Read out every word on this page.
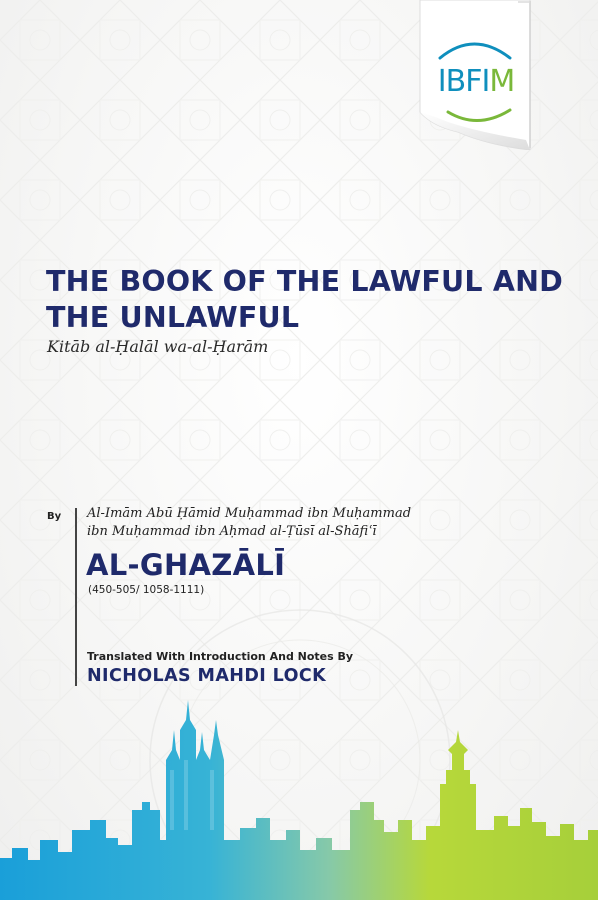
IBFIM
THE BOOK OF THE LAWFUL AND THE UNLAWFUL
Kitāb al-Ḥalāl wa-al-Ḥarām
By Al-Imām Abū Ḥāmid Muḥammad ibn Muḥammad
ibn Muḥammad ibn Aḥmad al-Ṭūsī al-Shāfiʿī
AL-GHAZĀLĪ
(450-505/ 1058-1111)
Translated With Introduction And Notes By
NICHOLAS MAHDI LOCK
